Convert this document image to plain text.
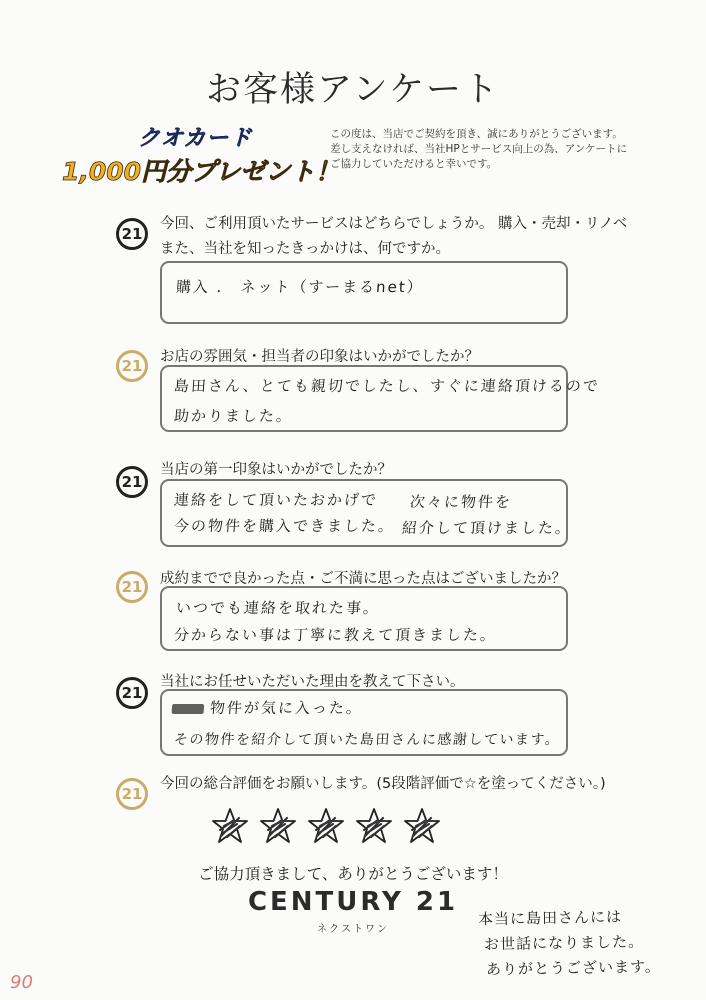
お客様アンケート
クオカード
1,000円分プレゼント！
この度は、当店でご契約を頂き、誠にありがとうございます。
差し支えなければ、当社HPとサービス向上の為、アンケートに
ご協力していただけると幸いです。
21
今回、ご利用頂いたサービスはどちらでしょうか。 購入・売却・リノベ
また、当社を知ったきっかけは、何ですか。
購入 ． ネット（すーまるnet）
21	お店の雰囲気・担当者の印象はいかがでしたか？
島田さん、とても親切でしたし、すぐに連絡頂けるので
助かりました。
21
当店の第一印象はいかがでしたか？
連絡をして頂いたおかげで
今の物件を購入できました。
次々に物件を
紹介して頂けました。
21	成約までで良かった点・ご不満に思った点はございましたか？
いつでも連絡を取れた事。
分からない事は丁寧に教えて頂きました。
21
当社にお任せいただいた理由を教えて下さい。
物件が気に入った。
その物件を紹介して頂いた島田さんに感謝しています。
21
今回の総合評価をお願いします。(5段階評価で☆を塗ってください。)
ご協力頂きまして、ありがとうございます！
CENTURY 21
ネクストワン
本当に島田さんには
お世話になりました。
ありがとうございます。
90
